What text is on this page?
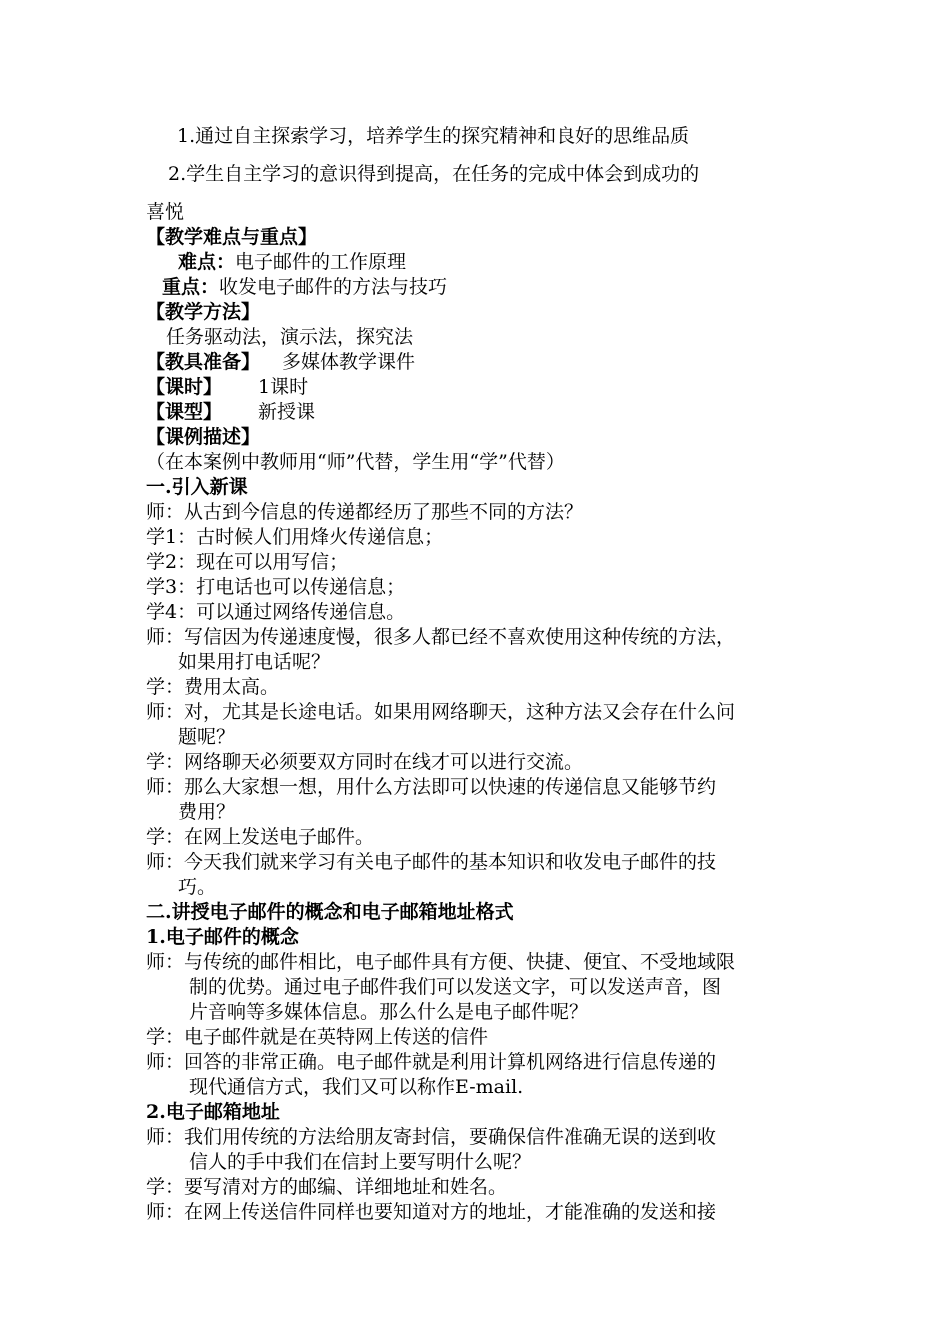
1.通过自主探索学习，培养学生的探究精神和良好的思维品质
2.学生自主学习的意识得到提高，在任务的完成中体会到成功的
喜悦
【教学难点与重点】
难点：电子邮件的工作原理
重点：收发电子邮件的方法与技巧
【教学方法】
任务驱动法，演示法，探究法
【教具准备】 多媒体教学课件
【课时】 1课时
【课型】 新授课
【课例描述】
（在本案例中教师用“师”代替，学生用“学”代替）
一.引入新课
师：从古到今信息的传递都经历了那些不同的方法？
学1：古时候人们用烽火传递信息；
学2：现在可以用写信；
学3：打电话也可以传递信息；
学4：可以通过网络传递信息。
师：写信因为传递速度慢，很多人都已经不喜欢使用这种传统的方法，
如果用打电话呢？
学：费用太高。
师：对，尤其是长途电话。如果用网络聊天，这种方法又会存在什么问
题呢？
学：网络聊天必须要双方同时在线才可以进行交流。
师：那么大家想一想，用什么方法即可以快速的传递信息又能够节约
费用？
学：在网上发送电子邮件。
师：今天我们就来学习有关电子邮件的基本知识和收发电子邮件的技
巧。
二.讲授电子邮件的概念和电子邮箱地址格式
1.电子邮件的概念
师：与传统的邮件相比，电子邮件具有方便、快捷、便宜、不受地域限
制的优势。通过电子邮件我们可以发送文字，可以发送声音，图
片音响等多媒体信息。那么什么是电子邮件呢？
学：电子邮件就是在英特网上传送的信件
师：回答的非常正确。电子邮件就是利用计算机网络进行信息传递的
现代通信方式，我们又可以称作E-mail.
2.电子邮箱地址
师：我们用传统的方法给朋友寄封信，要确保信件准确无误的送到收
信人的手中我们在信封上要写明什么呢？
学：要写清对方的邮编、详细地址和姓名。
师：在网上传送信件同样也要知道对方的地址，才能准确的发送和接
